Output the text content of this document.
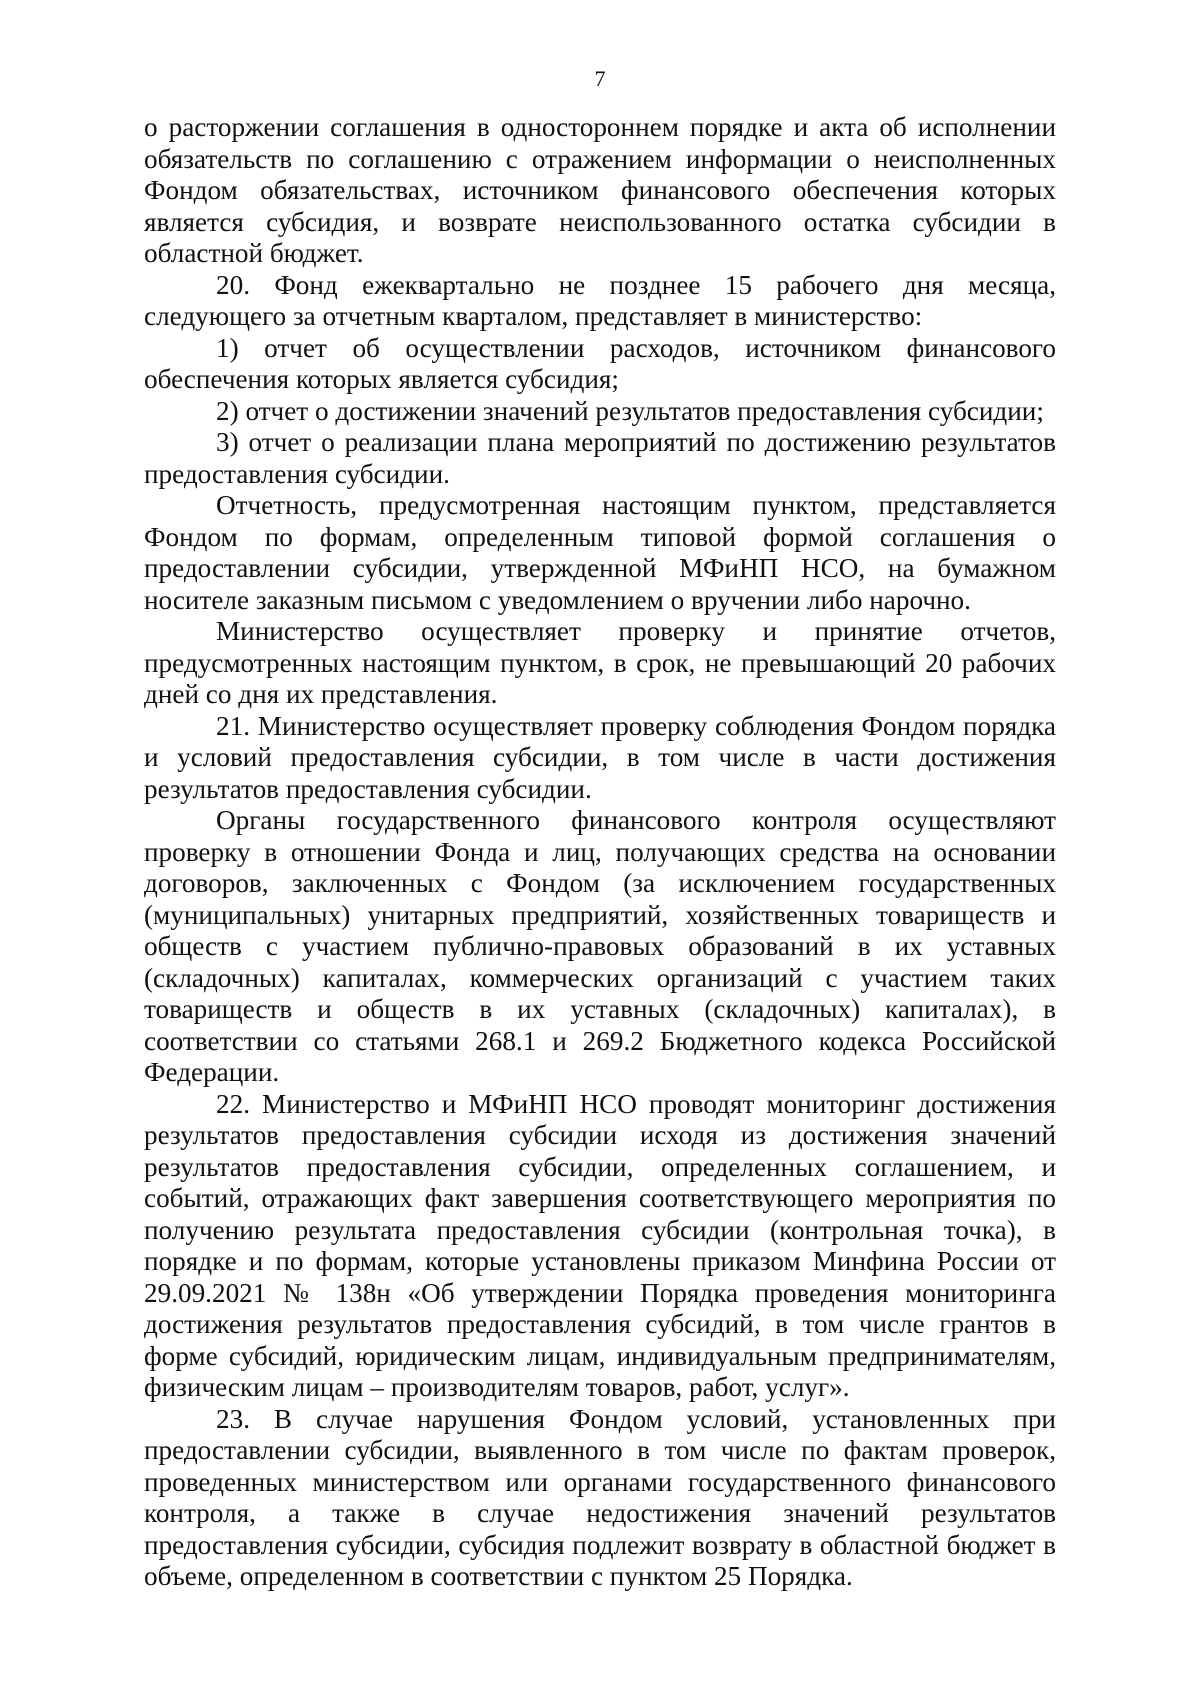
7

о расторжении соглашения в одностороннем порядке и акта об исполнении обязательств по соглашению с отражением информации о неисполненных Фондом обязательствах, источником финансового обеспечения которых является субсидия, и возврате неиспользованного остатка субсидии в областной бюджет.

20. Фонд ежеквартально не позднее 15 рабочего дня месяца, следующего за отчетным кварталом, представляет в министерство:

1) отчет об осуществлении расходов, источником финансового обеспечения которых является субсидия;

2) отчет о достижении значений результатов предоставления субсидии;

3) отчет о реализации плана мероприятий по достижению результатов предоставления субсидии.

Отчетность, предусмотренная настоящим пунктом, представляется Фондом по формам, определенным типовой формой соглашения о предоставлении субсидии, утвержденной МФиНП НСО, на бумажном носителе заказным письмом с уведомлением о вручении либо нарочно.

Министерство осуществляет проверку и принятие отчетов, предусмотренных настоящим пунктом, в срок, не превышающий 20 рабочих дней со дня их представления.

21. Министерство осуществляет проверку соблюдения Фондом порядка и условий предоставления субсидии, в том числе в части достижения результатов предоставления субсидии.

Органы государственного финансового контроля осуществляют проверку в отношении Фонда и лиц, получающих средства на основании договоров, заключенных с Фондом (за исключением государственных (муниципальных) унитарных предприятий, хозяйственных товариществ и обществ с участием публично-правовых образований в их уставных (складочных) капиталах, коммерческих организаций с участием таких товариществ и обществ в их уставных (складочных) капиталах), в соответствии со статьями 268.1 и 269.2 Бюджетного кодекса Российской Федерации.

22. Министерство и МФиНП НСО проводят мониторинг достижения результатов предоставления субсидии исходя из достижения значений результатов предоставления субсидии, определенных соглашением, и событий, отражающих факт завершения соответствующего мероприятия по получению результата предоставления субсидии (контрольная точка), в порядке и по формам, которые установлены приказом Минфина России от 29.09.2021 № 138н «Об утверждении Порядка проведения мониторинга достижения результатов предоставления субсидий, в том числе грантов в форме субсидий, юридическим лицам, индивидуальным предпринимателям, физическим лицам – производителям товаров, работ, услуг».

23. В случае нарушения Фондом условий, установленных при предоставлении субсидии, выявленного в том числе по фактам проверок, проведенных министерством или органами государственного финансового контроля, а также в случае недостижения значений результатов предоставления субсидии, субсидия подлежит возврату в областной бюджет в объеме, определенном в соответствии с пунктом 25 Порядка.
